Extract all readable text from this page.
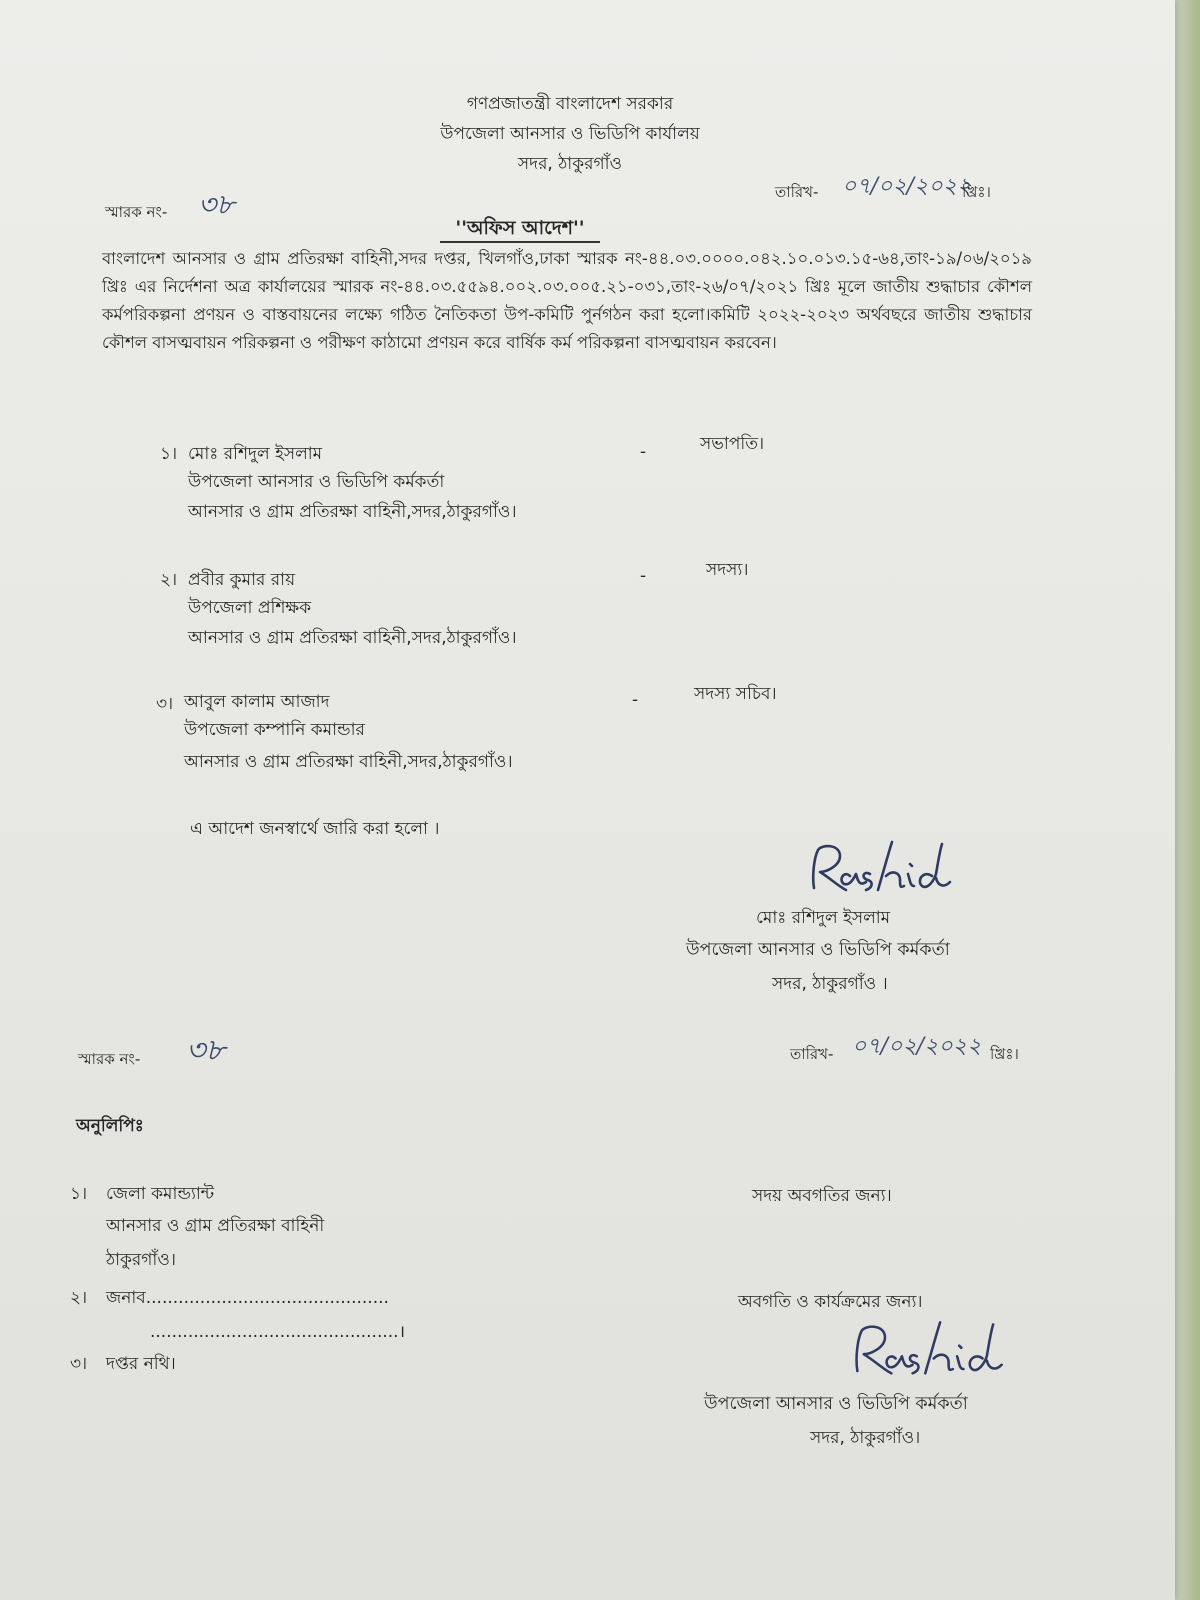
গণপ্রজাতন্ত্রী বাংলাদেশ সরকার
উপজেলা আনসার ও ভিডিপি কার্যালয়
সদর, ঠাকুরগাঁও
স্মারক নং- ৩৮	তারিখ- ০৭/০২/২০২২
খ্রিঃ।
''অফিস আদেশ''
বাংলাদেশ আনসার ও গ্রাম প্রতিরক্ষা বাহিনী,সদর দপ্তর, খিলগাঁও,ঢাকা স্মারক নং-৪৪.০৩.০০০০.০৪২.১০.০১৩.১৫-৬৪,তাং-১৯/০৬/২০১৯ খ্রিঃ এর নির্দেশনা অত্র কার্যালয়ের স্মারক নং-৪৪.০৩.৫৫৯৪.০০২.০৩.০০৫.২১-০৩১,তাং-২৬/০৭/২০২১ খ্রিঃ মূলে জাতীয় শুদ্ধাচার কৌশল কর্মপরিকল্পনা প্রণয়ন ও বাস্তবায়নের লক্ষ্যে গঠিত নৈতিকতা উপ-কমিটি পুর্নগঠন করা হলো।কমিটি ২০২২-২০২৩ অর্থবছরে জাতীয় শুদ্ধাচার কৌশল বাসত্মবায়ন পরিকল্পনা ও পরীক্ষণ কাঠামো প্রণয়ন করে বার্ষিক কর্ম পরিকল্পনা বাসত্মবায়ন করবেন।
১। মোঃ রশিদুল ইসলাম
উপজেলা আনসার ও ভিডিপি কর্মকর্তা
আনসার ও গ্রাম প্রতিরক্ষা বাহিনী,সদর,ঠাকুরগাঁও।
-	সভাপতি।
২। প্রবীর কুমার রায়
উপজেলা প্রশিক্ষক
আনসার ও গ্রাম প্রতিরক্ষা বাহিনী,সদর,ঠাকুরগাঁও।
-	সদস্য।
৩। আবুল কালাম আজাদ
উপজেলা কম্পানি কমান্ডার
আনসার ও গ্রাম প্রতিরক্ষা বাহিনী,সদর,ঠাকুরগাঁও।
-	সদস্য সচিব।
এ আদেশ জনস্বার্থে জারি করা হলো ।
মোঃ রশিদুল ইসলাম
উপজেলা আনসার ও ভিডিপি কর্মকর্তা
সদর, ঠাকুরগাঁও ।
স্মারক নং- ৩৮	তারিখ- ০৭/০২/২০২২ খ্রিঃ।
অনুলিপিঃ
১। জেলা কমান্ড্যান্ট
আনসার ও গ্রাম প্রতিরক্ষা বাহিনী
ঠাকুরগাঁও।
সদয় অবগতির জন্য।
২। জনাব.............................................
..............................................।
অবগতি ও কার্যক্রমের জন্য।
৩। দপ্তর নথি।
উপজেলা আনসার ও ভিডিপি কর্মকর্তা
সদর, ঠাকুরগাঁও।
